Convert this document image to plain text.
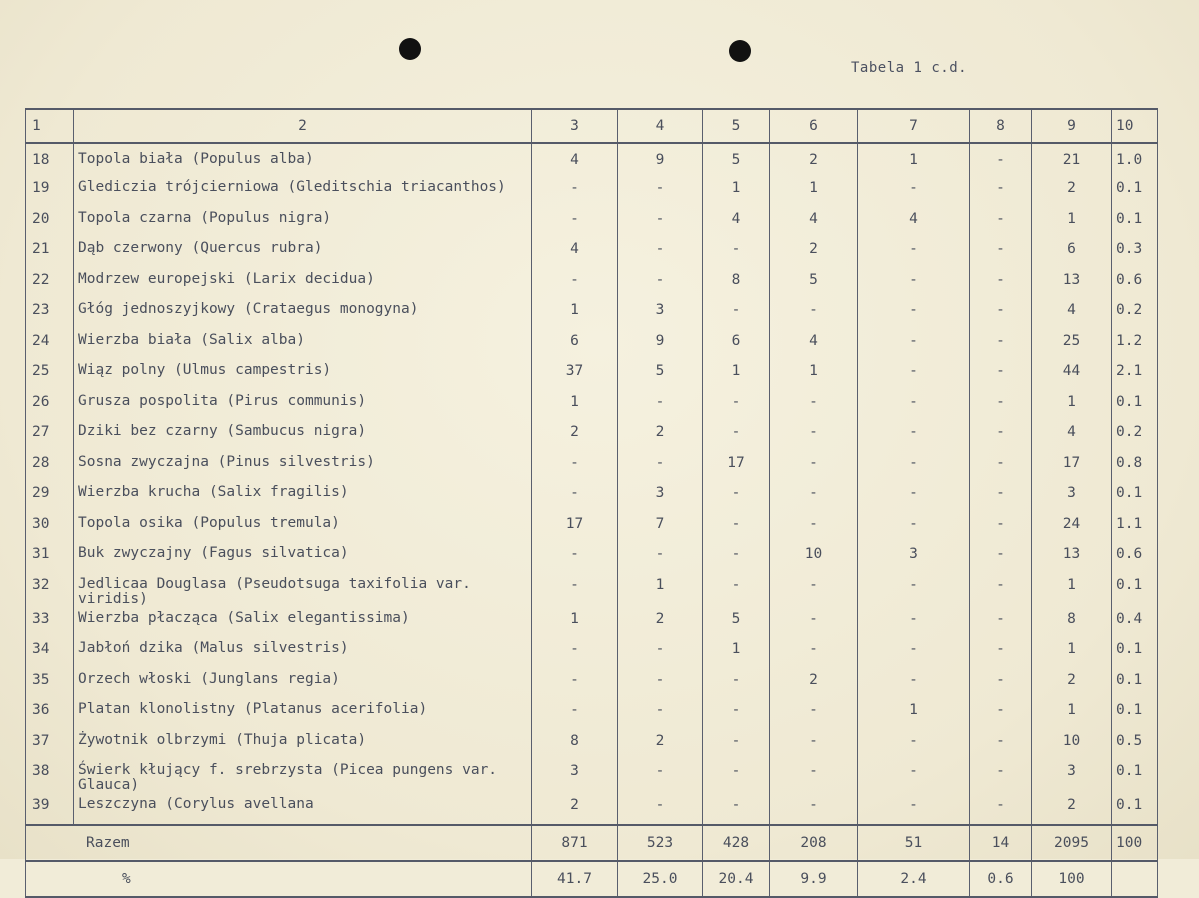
Tabela 1 c.d.
1	2	3	4	5	6	7	8	9	10
18	Topola biała (Populus alba)	4	9	5	2	1	-	21	1.0
19	Glediczia trójcierniowa (Gleditschia triacanthos)	-	-	1	1	-	-	2	0.1
20	Topola czarna (Populus nigra)	-	-	4	4	4	-	1	0.1
21	Dąb czerwony (Quercus rubra)	4	-	-	2	-	-	6	0.3
22	Modrzew europejski (Larix decidua)	-	-	8	5	-	-	13	0.6
23	Głóg jednoszyjkowy (Crataegus monogyna)	1	3	-	-	-	-	4	0.2
24	Wierzba biała (Salix alba)	6	9	6	4	-	-	25	1.2
25	Wiąz polny (Ulmus campestris)	37	5	1	1	-	-	44	2.1
26	Grusza pospolita (Pirus communis)	1	-	-	-	-	-	1	0.1
27	Dziki bez czarny (Sambucus nigra)	2	2	-	-	-	-	4	0.2
28	Sosna zwyczajna (Pinus silvestris)	-	-	17	-	-	-	17	0.8
29	Wierzba krucha (Salix fragilis)	-	3	-	-	-	-	3	0.1
30	Topola osika (Populus tremula)	17	7	-	-	-	-	24	1.1
31	Buk zwyczajny (Fagus silvatica)	-	-	-	10	3	-	13	0.6
32	Jedlicaa Douglasa (Pseudotsuga taxifolia var. viridis)	-	1	-	-	-	-	1	0.1
33	Wierzba płacząca (Salix elegantissima)	1	2	5	-	-	-	8	0.4
34	Jabłoń dzika (Malus silvestris)	-	-	1	-	-	-	1	0.1
35	Orzech włoski (Junglans regia)	-	-	-	2	-	-	2	0.1
36	Platan klonolistny (Platanus acerifolia)	-	-	-	-	1	-	1	0.1
37	Żywotnik olbrzymi (Thuja plicata)	8	2	-	-	-	-	10	0.5
38	Świerk kłujący f. srebrzysta (Picea pungens var. Glauca)	3	-	-	-	-	-	3	0.1
39	Leszczyna (Corylus avellana	2	-	-	-	-	-	2	0.1
Razem		871	523	428	208	51	14	2095	100
%		41.7	25.0	20.4	9.9	2.4	0.6	100	
